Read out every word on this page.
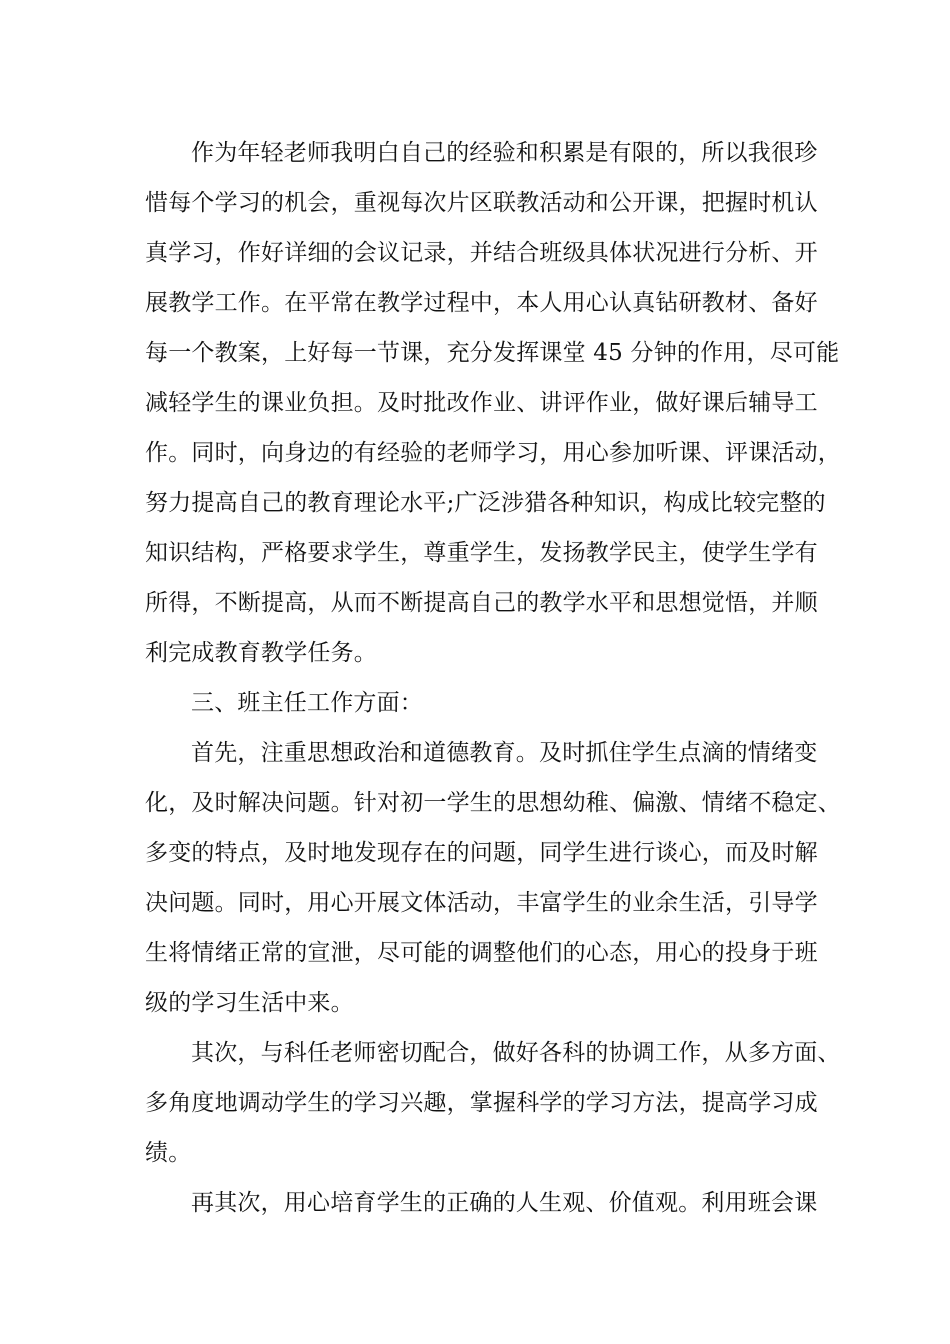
作为年轻老师我明白自己的经验和积累是有限的，所以我很珍
惜每个学习的机会，重视每次片区联教活动和公开课，把握时机认
真学习，作好详细的会议记录，并结合班级具体状况进行分析、开
展教学工作。在平常在教学过程中，本人用心认真钻研教材、备好
每一个教案，上好每一节课，充分发挥课堂 45 分钟的作用，尽可能
减轻学生的课业负担。及时批改作业、讲评作业，做好课后辅导工
作。同时，向身边的有经验的老师学习，用心参加听课、评课活动，
努力提高自己的教育理论水平;广泛涉猎各种知识，构成比较完整的
知识结构，严格要求学生，尊重学生，发扬教学民主，使学生学有
所得，不断提高，从而不断提高自己的教学水平和思想觉悟，并顺
利完成教育教学任务。
三、班主任工作方面：
首先，注重思想政治和道德教育。及时抓住学生点滴的情绪变
化，及时解决问题。针对初一学生的思想幼稚、偏激、情绪不稳定、
多变的特点，及时地发现存在的问题，同学生进行谈心，而及时解
决问题。同时，用心开展文体活动，丰富学生的业余生活，引导学
生将情绪正常的宣泄，尽可能的调整他们的心态，用心的投身于班
级的学习生活中来。
其次，与科任老师密切配合，做好各科的协调工作，从多方面、
多角度地调动学生的学习兴趣，掌握科学的学习方法，提高学习成
绩。
再其次，用心培育学生的正确的人生观、价值观。利用班会课
